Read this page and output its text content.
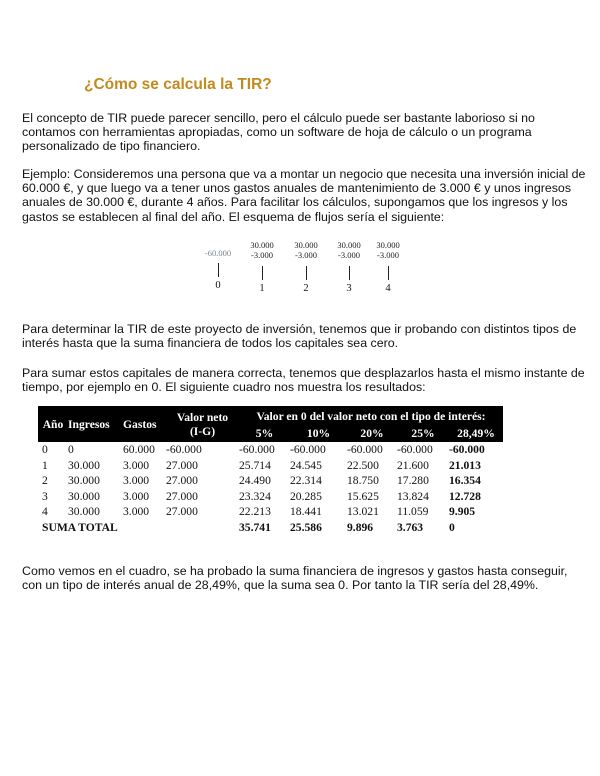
¿Cómo se calcula la TIR?

El concepto de TIR puede parecer sencillo, pero el cálculo puede ser bastante laborioso si no contamos con herramientas apropiadas, como un software de hoja de cálculo o un programa personalizado de tipo financiero.

Ejemplo: Consideremos una persona que va a montar un negocio que necesita una inversión inicial de 60.000 €, y que luego va a tener unos gastos anuales de mantenimiento de 3.000 € y unos ingresos anuales de 30.000 €, durante 4 años. Para facilitar los cálculos, supongamos que los ingresos y los gastos se establecen al final del año. El esquema de flujos sería el siguiente:

-60.000
0
30.000
-3.000
1
30.000
-3.000
2
30.000
-3.000
3
30.000
-3.000
4

Para determinar la TIR de este proyecto de inversión, tenemos que ir probando con distintos tipos de interés hasta que la suma financiera de todos los capitales sea cero.

Para sumar estos capitales de manera correcta, tenemos que desplazarlos hasta el mismo instante de tiempo, por ejemplo en 0. El siguiente cuadro nos muestra los resultados:

Año	Ingresos	Gastos	Valor neto	Valor en 0 del valor neto con el tipo de interés:				
			(I-G)	5%	10%	20%	25%	28,49%
0	0	60.000	-60.000	-60.000	-60.000	-60.000	-60.000	-60.000
1	30.000	3.000	27.000	25.714	24.545	22.500	21.600	21.013
2	30.000	3.000	27.000	24.490	22.314	18.750	17.280	16.354
3	30.000	3.000	27.000	23.324	20.285	15.625	13.824	12.728
4	30.000	3.000	27.000	22.213	18.441	13.021	11.059	9.905
SUMA TOTAL				35.741	25.586	9.896	3.763	0

Como vemos en el cuadro, se ha probado la suma financiera de ingresos y gastos hasta conseguir, con un tipo de interés anual de 28,49%, que la suma sea 0. Por tanto la TIR sería del 28,49%.
